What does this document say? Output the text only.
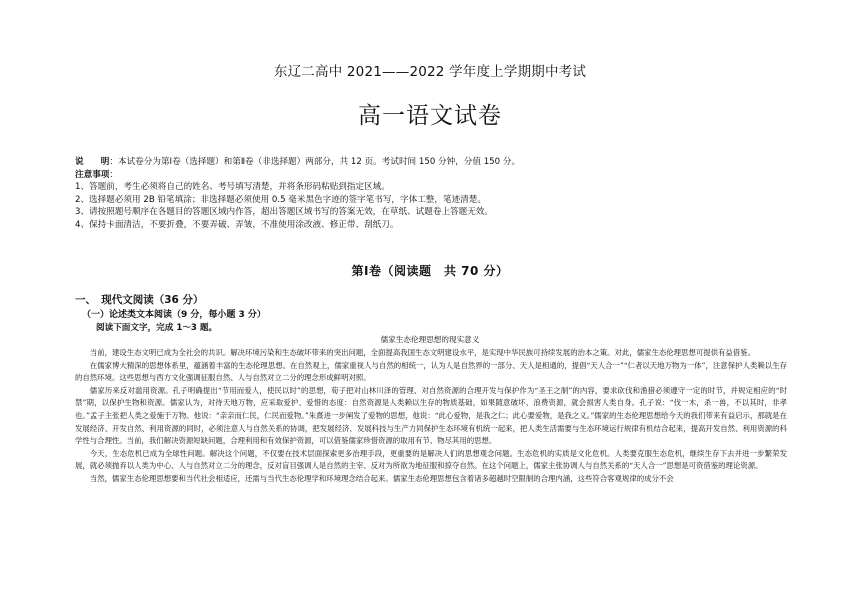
东辽二高中 2021——2022 学年度上学期期中考试
高一语文试卷
说　　明：本试卷分为第Ⅰ卷（选择题）和第Ⅱ卷（非选择题）两部分，共 12 页。考试时间 150 分钟，分值 150 分。
注意事项：
1、答题前，考生必须将自己的姓名、考号填写清楚，并将条形码粘贴到指定区域。
2、选择题必须用 2B 铅笔填涂；非选择题必须使用 0.5 毫米黑色字迹的签字笔书写，字体工整，笔迹清楚。
3、请按照题号顺序在各题目的答题区域内作答，超出答题区域书写的答案无效，在草纸、试题卷上答题无效。
4、保持卡面清洁，不要折叠，不要弄破、弄皱，不准使用涂改液、修正带、刮纸刀。
第Ⅰ卷（阅读题　共 70 分）
一、　现代文阅读（36 分）
（一）论述类文本阅读（9 分，每小题 3 分）
阅读下面文字，完成 1～3 题。
儒家生态伦理思想的现实意义

当前，建设生态文明已成为全社会的共识。解决环境污染和生态破坏带来的突出问题，全面提高我国生态文明建设水平，是实现中华民族可持续发展的治本之策。对此，儒家生态伦理思想可提供有益借鉴。

在儒家博大精深的思想体系里，蕴涵着丰富的生态伦理思想。在自然观上，儒家重视人与自然的相统一，认为人是自然界的一部分、天人是相通的，提倡“天人合一”“仁者以天地万物为一体”，注意保护人类赖以生存的自然环境。这些思想与西方文化强调征服自然、人与自然对立二分的理念形成鲜明对照。

儒家历来反对滥用资源。孔子明确提出“节用而爱人，使民以时”的思想，荀子把对山林川泽的管理、对自然资源的合理开发与保护作为“圣王之制”的内容，要求砍伐和渔猎必须遵守一定的时节，并规定相应的“时禁”期，以保护生物和资源。儒家认为，对待天地万物，应采取爱护、爱惜的态度：自然资源是人类赖以生存的物质基础，如果随意破坏、浪费资源，就会损害人类自身。孔子说：“伐一木，杀一兽，不以其时，非孝也。”孟子主张把人类之爱施于万物。他说：“亲亲而仁民，仁民而爱物。”朱熹进一步阐发了爱物的思想，他说：“此心爱物，是我之仁；此心要爱物，是我之义。”儒家的生态伦理思想给今天的我们带来有益启示，那就是在发展经济、开发自然、利用资源的同时，必须注意人与自然关系的协调，把发展经济、发展科技与生产力同保护生态环境有机统一起来，把人类生活需要与生态环境运行规律有机结合起来，提高开发自然、利用资源的科学性与合理性。当前，我们解决资源短缺问题，合理利用和有效保护资源，可以借鉴儒家珍惜资源的取用有节、物尽其用的思想。

今天，生态危机已成为全球性问题。解决这个问题，不仅要在技术层面探索更多治理手段，更重要的是解决人们的思想观念问题。生态危机的实质是文化危机。人类要克服生态危机，继续生存下去并进一步繁荣发展，就必须抛弃以人类为中心、人与自然对立二分的理念，反对盲目强调人是自然的主宰、反对为所欲为地征服和掠夺自然。在这个问题上，儒家主张协调人与自然关系的“天人合一”思想是可资借鉴的理论资源。

当然，儒家生态伦理思想要和当代社会相适应，还需与当代生态伦理学和环境理念结合起来。儒家生态伦理思想包含着诸多超越时空限制的合理内涵，这些符合客观规律的成分不会
